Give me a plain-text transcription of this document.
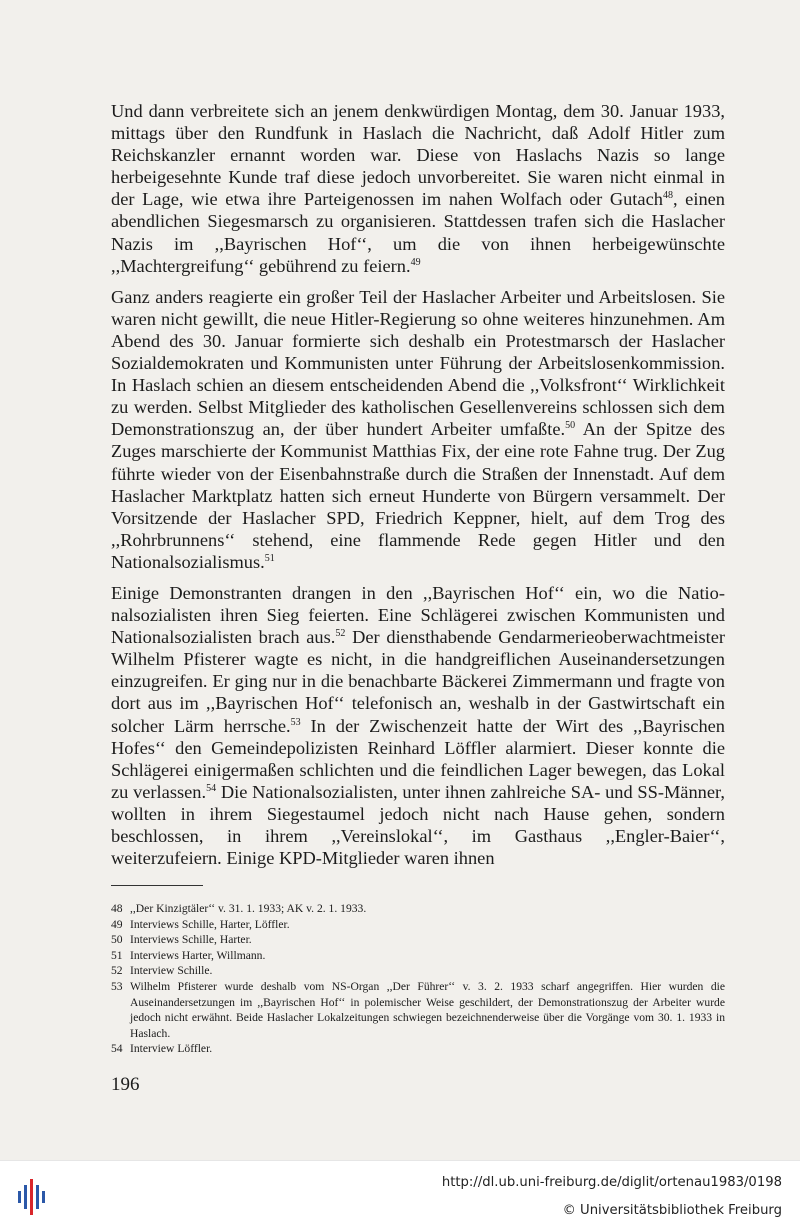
Und dann verbreitete sich an jenem denkwürdigen Montag, dem 30. Januar 1933, mittags über den Rundfunk in Haslach die Nachricht, daß Adolf Hitler zum Reichskanzler ernannt worden war. Diese von Haslachs Nazis so lange herbeigesehnte Kunde traf diese jedoch unvorbereitet. Sie waren nicht einmal in der Lage, wie etwa ihre Parteigenossen im nahen Wolfach oder Gutach$^{48}$, einen abendlichen Siegesmarsch zu organisieren. Stattdessen trafen sich die Haslacher Nazis im ,,Bayrischen Hof‘‘, um die von ihnen herbeigewünschte ,,Machtergreifung‘‘ gebührend zu feiern.$^{49}$

Ganz anders reagierte ein großer Teil der Haslacher Arbeiter und Arbeitslosen. Sie waren nicht gewillt, die neue Hitler-Regierung so ohne weiteres hinzunehmen. Am Abend des 30. Januar formierte sich deshalb ein Protestmarsch der Haslacher Sozialdemokraten und Kommunisten unter Führung der Arbeitslosenkommission. In Haslach schien an diesem entscheidenden Abend die ,,Volksfront‘‘ Wirklichkeit zu werden. Selbst Mitglieder des katholischen Gesellenvereins schlossen sich dem Demonstrationszug an, der über hundert Arbeiter umfaßte.$^{50}$ An der Spitze des Zuges marschierte der Kommunist Matthias Fix, der eine rote Fahne trug. Der Zug führte wieder von der Eisenbahnstraße durch die Straßen der Innenstadt. Auf dem Haslacher Marktplatz hatten sich erneut Hunderte von Bürgern versammelt. Der Vorsitzende der Haslacher SPD, Friedrich Keppner, hielt, auf dem Trog des ,,Rohrbrunnens‘‘ stehend, eine flammende Rede gegen Hitler und den Nationalsozialismus.$^{51}$

Einige Demonstranten drangen in den ,,Bayrischen Hof‘‘ ein, wo die Nationalsozialisten ihren Sieg feierten. Eine Schlägerei zwischen Kommunisten und Nationalsozialisten brach aus.$^{52}$ Der diensthabende Gendarmerieoberwachtmeister Wilhelm Pfisterer wagte es nicht, in die handgreiflichen Auseinandersetzungen einzugreifen. Er ging nur in die benachbarte Bäckerei Zimmermann und fragte von dort aus im ,,Bayrischen Hof‘‘ telefonisch an, weshalb in der Gastwirtschaft ein solcher Lärm herrsche.$^{53}$ In der Zwischenzeit hatte der Wirt des ,,Bayrischen Hofes‘‘ den Gemeindepolizisten Reinhard Löffler alarmiert. Dieser konnte die Schlägerei einigermaßen schlichten und die feindlichen Lager bewegen, das Lokal zu verlassen.$^{54}$ Die Nationalsozialisten, unter ihnen zahlreiche SA- und SS-Männer, wollten in ihrem Siegestaumel jedoch nicht nach Hause gehen, sondern beschlossen, in ihrem ,,Vereinslokal‘‘, im Gasthaus ,,Engler-Baier‘‘, weiterzufeiern. Einige KPD-Mitglieder waren ihnen

48 ,,Der Kinzigtäler‘‘ v. 31. 1. 1933; AK v. 2. 1. 1933.
49 Interviews Schille, Harter, Löffler.
50 Interviews Schille, Harter.
51 Interviews Harter, Willmann.
52 Interview Schille.
53 Wilhelm Pfisterer wurde deshalb vom NS-Organ ,,Der Führer‘‘ v. 3. 2. 1933 scharf angegriffen. Hier wurden die Auseinandersetzungen im ,,Bayrischen Hof‘‘ in polemischer Weise geschildert, der Demonstrationszug der Arbeiter wurde jedoch nicht erwähnt. Beide Haslacher Lokalzeitungen schwiegen bezeichnenderweise über die Vorgänge vom 30. 1. 1933 in Haslach.
54 Interview Löffler.
196
http://dl.ub.uni-freiburg.de/diglit/ortenau1983/0198
© Universitätsbibliothek Freiburg
